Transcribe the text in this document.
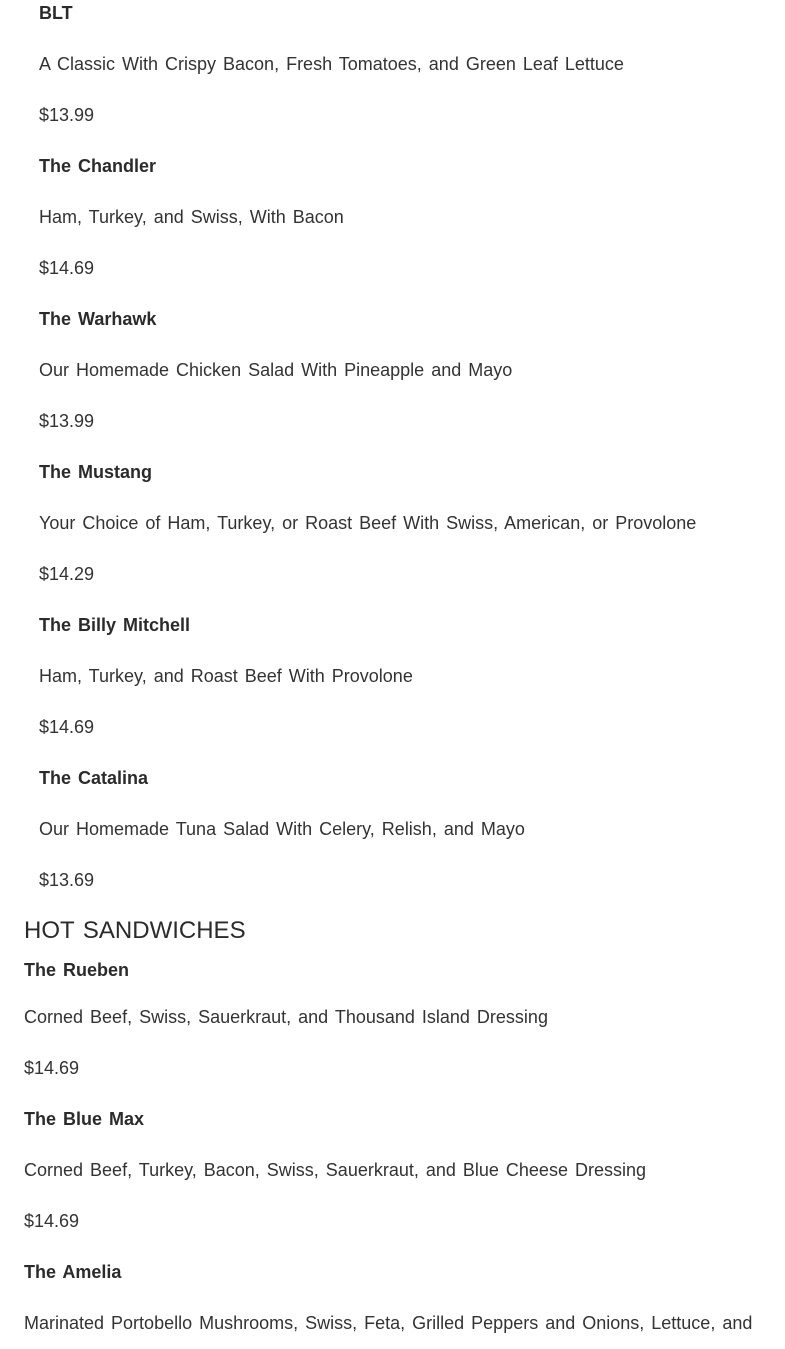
BLT

A Classic With Crispy Bacon, Fresh Tomatoes, and Green Leaf Lettuce

$13.99

The Chandler

Ham, Turkey, and Swiss, With Bacon

$14.69

The Warhawk

Our Homemade Chicken Salad With Pineapple and Mayo

$13.99

The Mustang

Your Choice of Ham, Turkey, or Roast Beef With Swiss, American, or Provolone

$14.29

The Billy Mitchell

Ham, Turkey, and Roast Beef With Provolone

$14.69

The Catalina

Our Homemade Tuna Salad With Celery, Relish, and Mayo

$13.69

HOT SANDWICHES

The Rueben

Corned Beef, Swiss, Sauerkraut, and Thousand Island Dressing

$14.69

The Blue Max

Corned Beef, Turkey, Bacon, Swiss, Sauerkraut, and Blue Cheese Dressing

$14.69

The Amelia

Marinated Portobello Mushrooms, Swiss, Feta, Grilled Peppers and Onions, Lettuce, and
